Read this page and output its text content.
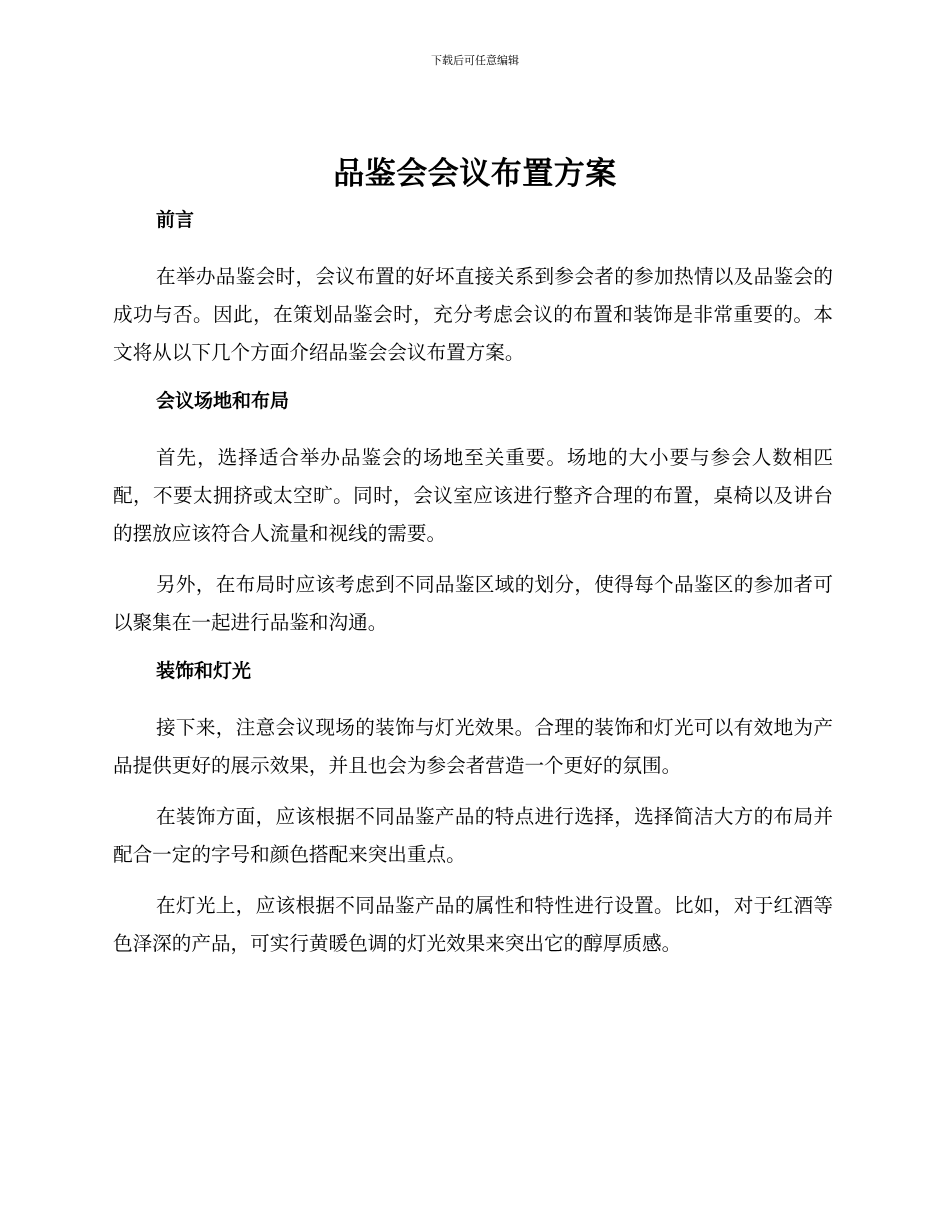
下载后可任意编辑
品鉴会会议布置方案
前言

在举办品鉴会时，会议布置的好坏直接关系到参会者的参加热情以及品鉴会的成功与否。因此，在策划品鉴会时，充分考虑会议的布置和装饰是非常重要的。本文将从以下几个方面介绍品鉴会会议布置方案。

会议场地和布局

首先，选择适合举办品鉴会的场地至关重要。场地的大小要与参会人数相匹配，不要太拥挤或太空旷。同时，会议室应该进行整齐合理的布置，桌椅以及讲台的摆放应该符合人流量和视线的需要。

另外，在布局时应该考虑到不同品鉴区域的划分，使得每个品鉴区的参加者可以聚集在一起进行品鉴和沟通。

装饰和灯光

接下来，注意会议现场的装饰与灯光效果。合理的装饰和灯光可以有效地为产品提供更好的展示效果，并且也会为参会者营造一个更好的氛围。

在装饰方面，应该根据不同品鉴产品的特点进行选择，选择简洁大方的布局并配合一定的字号和颜色搭配来突出重点。

在灯光上，应该根据不同品鉴产品的属性和特性进行设置。比如，对于红酒等色泽深的产品，可实行黄暖色调的灯光效果来突出它的醇厚质感。
